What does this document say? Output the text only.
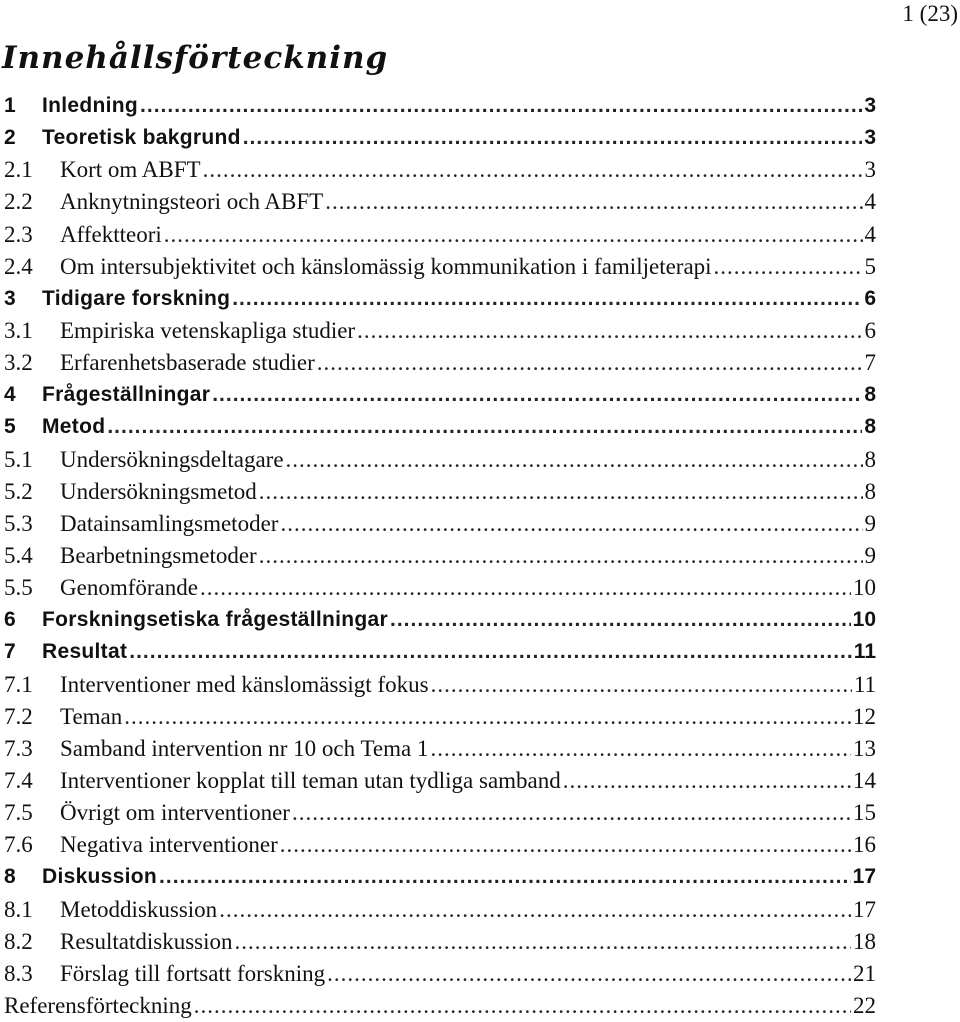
1 (23)
Innehållsförteckning
1	Inledning .....	3
2	Teoretisk bakgrund .....	3
2.1	Kort om ABFT .....	3
2.2	Anknytningsteori och ABFT .....	4
2.3	Affektteori .....	4
2.4	Om intersubjektivitet och känslomässig kommunikation i familjeterapi .....	5
3	Tidigare forskning .....	6
3.1	Empiriska vetenskapliga studier .....	6
3.2	Erfarenhetsbaserade studier .....	7
4	Frågeställningar .....	8
5	Metod .....	8
5.1	Undersökningsdeltagare .....	8
5.2	Undersökningsmetod .....	8
5.3	Datainsamlingsmetoder .....	9
5.4	Bearbetningsmetoder .....	9
5.5	Genomförande .....	10
6	Forskningsetiska frågeställningar .....	10
7	Resultat .....	11
7.1	Interventioner med känslomässigt fokus .....	11
7.2	Teman .....	12
7.3	Samband intervention nr 10 och Tema 1 .....	13
7.4	Interventioner kopplat till teman utan tydliga samband .....	14
7.5	Övrigt om interventioner .....	15
7.6	Negativa interventioner .....	16
8	Diskussion .....	17
8.1	Metoddiskussion .....	17
8.2	Resultatdiskussion .....	18
8.3	Förslag till fortsatt forskning .....	21
Referensförteckning .....	22
